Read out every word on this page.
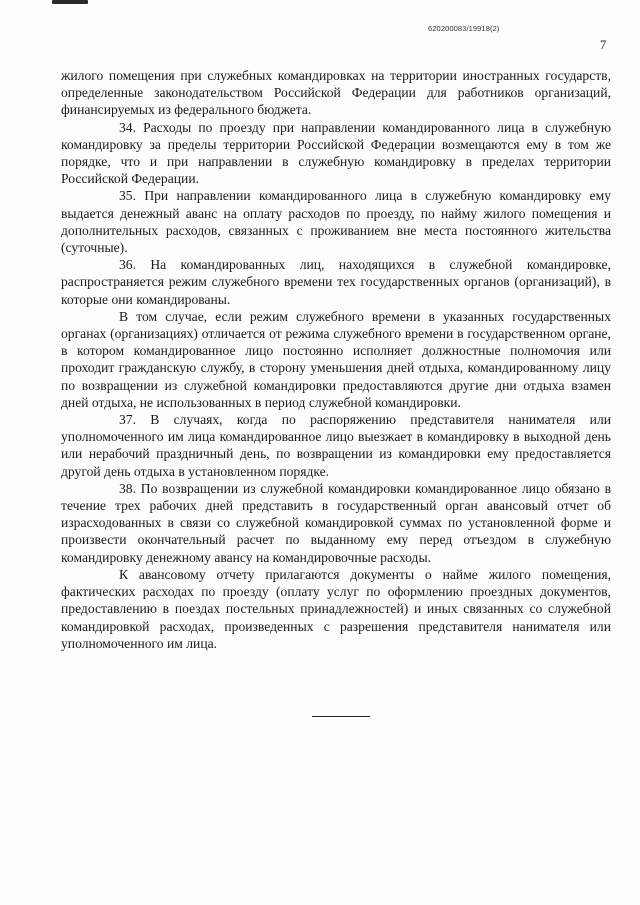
620200083/19918(2)
7

жилого помещения при служебных командировках на территории иностранных государств, определенные законодательством Российской Федерации для работников организаций, финансируемых из федерального бюджета.

34. Расходы по проезду при направлении командированного лица в служебную командировку за пределы территории Российской Федерации возмещаются ему в том же порядке, что и при направлении в служебную командировку в пределах территории Российской Федерации.

35. При направлении командированного лица в служебную командировку ему выдается денежный аванс на оплату расходов по проезду, по найму жилого помещения и дополнительных расходов, связанных с проживанием вне места постоянного жительства (суточные).

36. На командированных лиц, находящихся в служебной командировке, распространяется режим служебного времени тех государственных органов (организаций), в которые они командированы.

В том случае, если режим служебного времени в указанных государственных органах (организациях) отличается от режима служебного времени в государственном органе, в котором командированное лицо постоянно исполняет должностные полномочия или проходит гражданскую службу, в сторону уменьшения дней отдыха, командированному лицу по возвращении из служебной командировки предоставляются другие дни отдыха взамен дней отдыха, не использованных в период служебной командировки.

37. В случаях, когда по распоряжению представителя нанимателя или уполномоченного им лица командированное лицо выезжает в командировку в выходной день или нерабочий праздничный день, по возвращении из командировки ему предоставляется другой день отдыха в установленном порядке.

38. По возвращении из служебной командировки командированное лицо обязано в течение трех рабочих дней представить в государственный орган авансовый отчет об израсходованных в связи со служебной командировкой суммах по установленной форме и произвести окончательный расчет по выданному ему перед отъездом в служебную командировку денежному авансу на командировочные расходы.

К авансовому отчету прилагаются документы о найме жилого помещения, фактических расходах по проезду (оплату услуг по оформлению проездных документов, предоставлению в поездах постельных принадлежностей) и иных связанных со служебной командировкой расходах, произведенных с разрешения представителя нанимателя или уполномоченного им лица.
